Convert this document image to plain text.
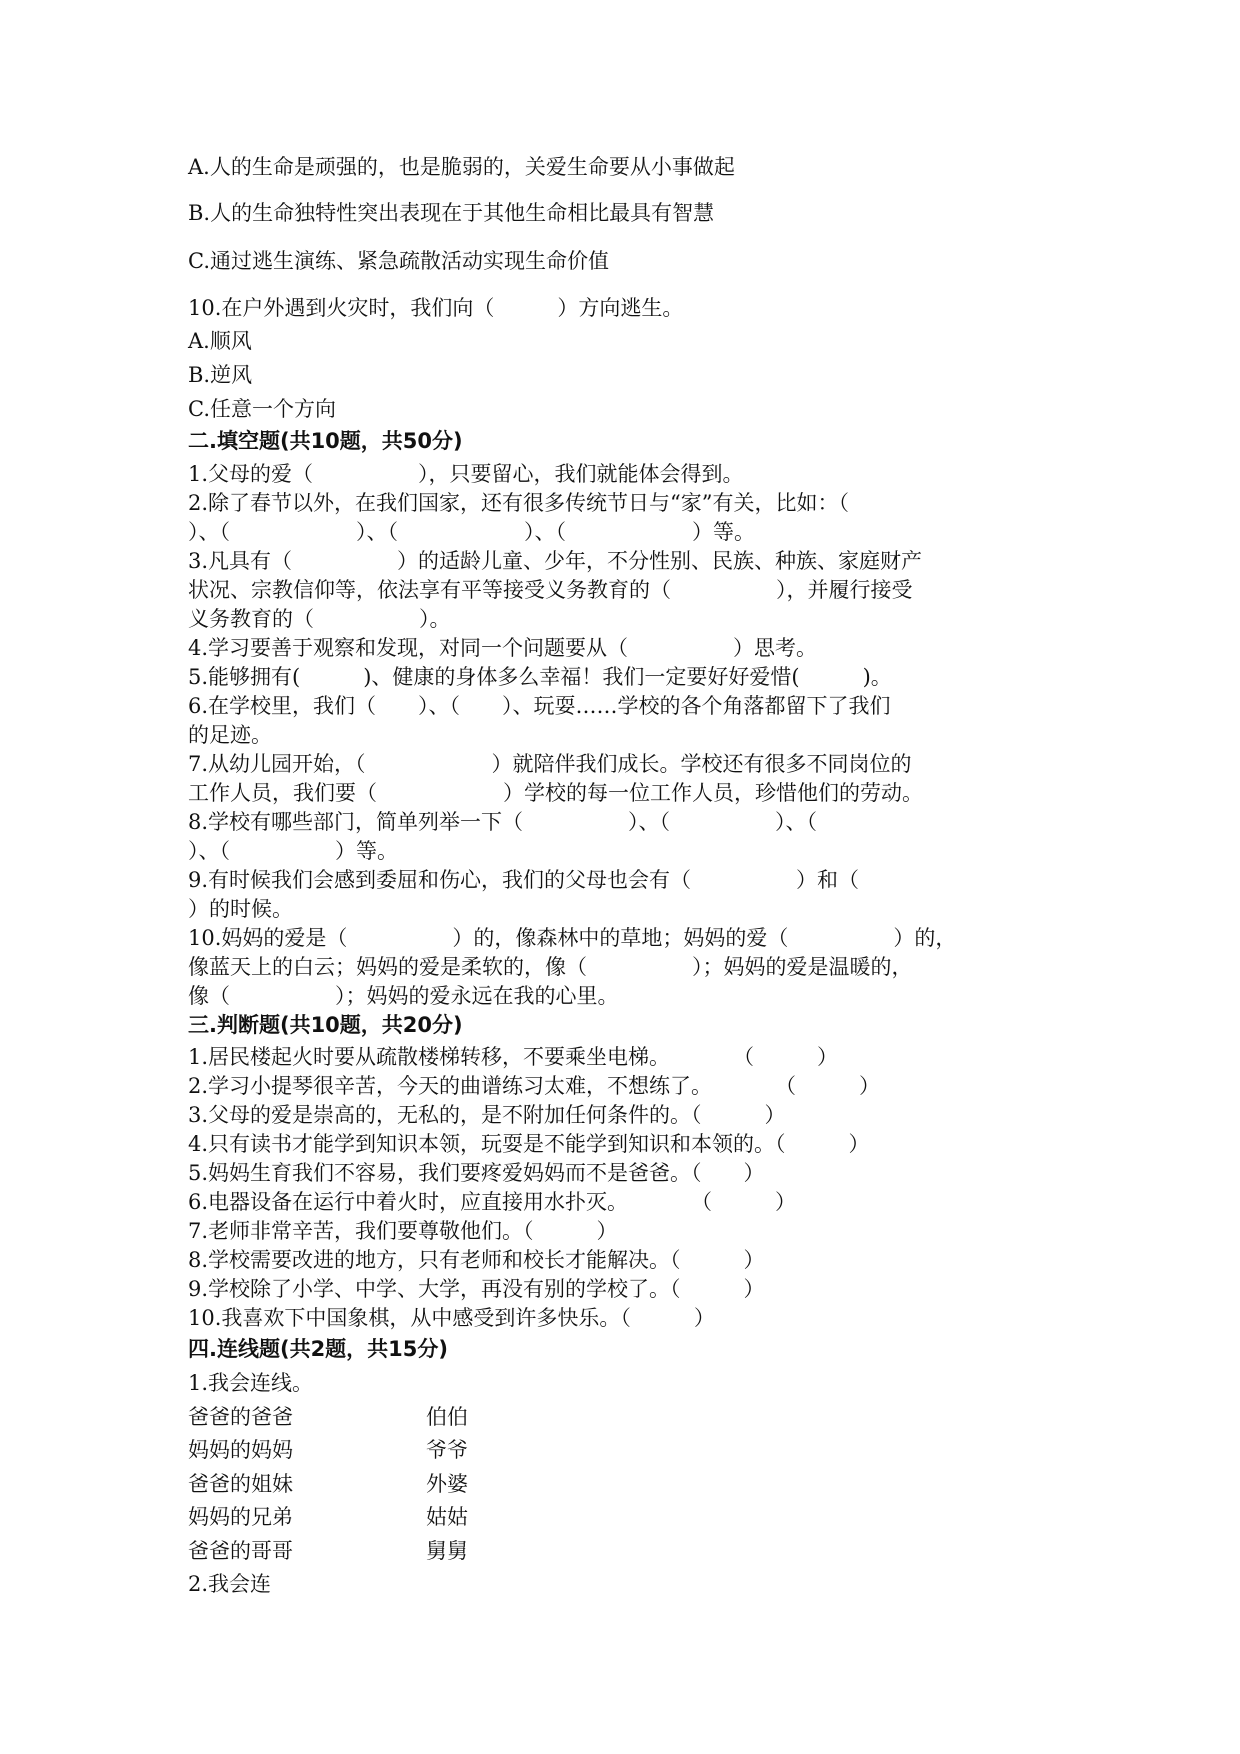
A.人的生命是顽强的，也是脆弱的，关爱生命要从小事做起
B.人的生命独特性突出表现在于其他生命相比最具有智慧
C.通过逃生演练、紧急疏散活动实现生命价值
10.在户外遇到火灾时，我们向（　　　）方向逃生。
A.顺风
B.逆风
C.任意一个方向
二.填空题(共10题，共50分)
1.父母的爱（　　　　　），只要留心，我们就能体会得到。
2.除了春节以外，在我们国家，还有很多传统节日与“家”有关，比如：（
）、（　　　　　　）、（　　　　　　）、（　　　　　　）等。
3.凡具有（　　　　　）的适龄儿童、少年，不分性别、民族、种族、家庭财产
状况、宗教信仰等，依法享有平等接受义务教育的（　　　　　），并履行接受
义务教育的（　　　　　）。
4.学习要善于观察和发现，对同一个问题要从（　　　　　）思考。
5.能够拥有(　　　)、健康的身体多么幸福！我们一定要好好爱惜(　　　)。
6.在学校里，我们（　　）、（　　）、玩耍……学校的各个角落都留下了我们
的足迹。
7.从幼儿园开始，（　　　　　　）就陪伴我们成长。学校还有很多不同岗位的
工作人员，我们要（　　　　　　）学校的每一位工作人员，珍惜他们的劳动。
8.学校有哪些部门，简单列举一下（　　　　　）、（　　　　　）、（
）、（　　　　　）等。
9.有时候我们会感到委屈和伤心，我们的父母也会有（　　　　　）和（
）的时候。
10.妈妈的爱是（　　　　　）的，像森林中的草地；妈妈的爱（　　　　　）的，
像蓝天上的白云；妈妈的爱是柔软的，像（　　　　　）；妈妈的爱是温暖的，
像（　　　　　）；妈妈的爱永远在我的心里。
三.判断题(共10题，共20分)
1.居民楼起火时要从疏散楼梯转移，不要乘坐电梯。　　　　（　　　）
2.学习小提琴很辛苦，今天的曲谱练习太难，不想练了。　　　　（　　　）
3.父母的爱是崇高的，无私的，是不附加任何条件的。（　　　）
4.只有读书才能学到知识本领，玩耍是不能学到知识和本领的。（　　　）
5.妈妈生育我们不容易，我们要疼爱妈妈而不是爸爸。（　　）
6.电器设备在运行中着火时，应直接用水扑灭。　　　　（　　　）
7.老师非常辛苦，我们要尊敬他们。（　　　）
8.学校需要改进的地方，只有老师和校长才能解决。（　　　）
9.学校除了小学、中学、大学，再没有别的学校了。（　　　）
10.我喜欢下中国象棋，从中感受到许多快乐。（　　　）
四.连线题(共2题，共15分)
1.我会连线。
爸爸的爸爸	伯伯
妈妈的妈妈	爷爷
爸爸的姐妹	外婆
妈妈的兄弟	姑姑
爸爸的哥哥	舅舅
2.我会连
